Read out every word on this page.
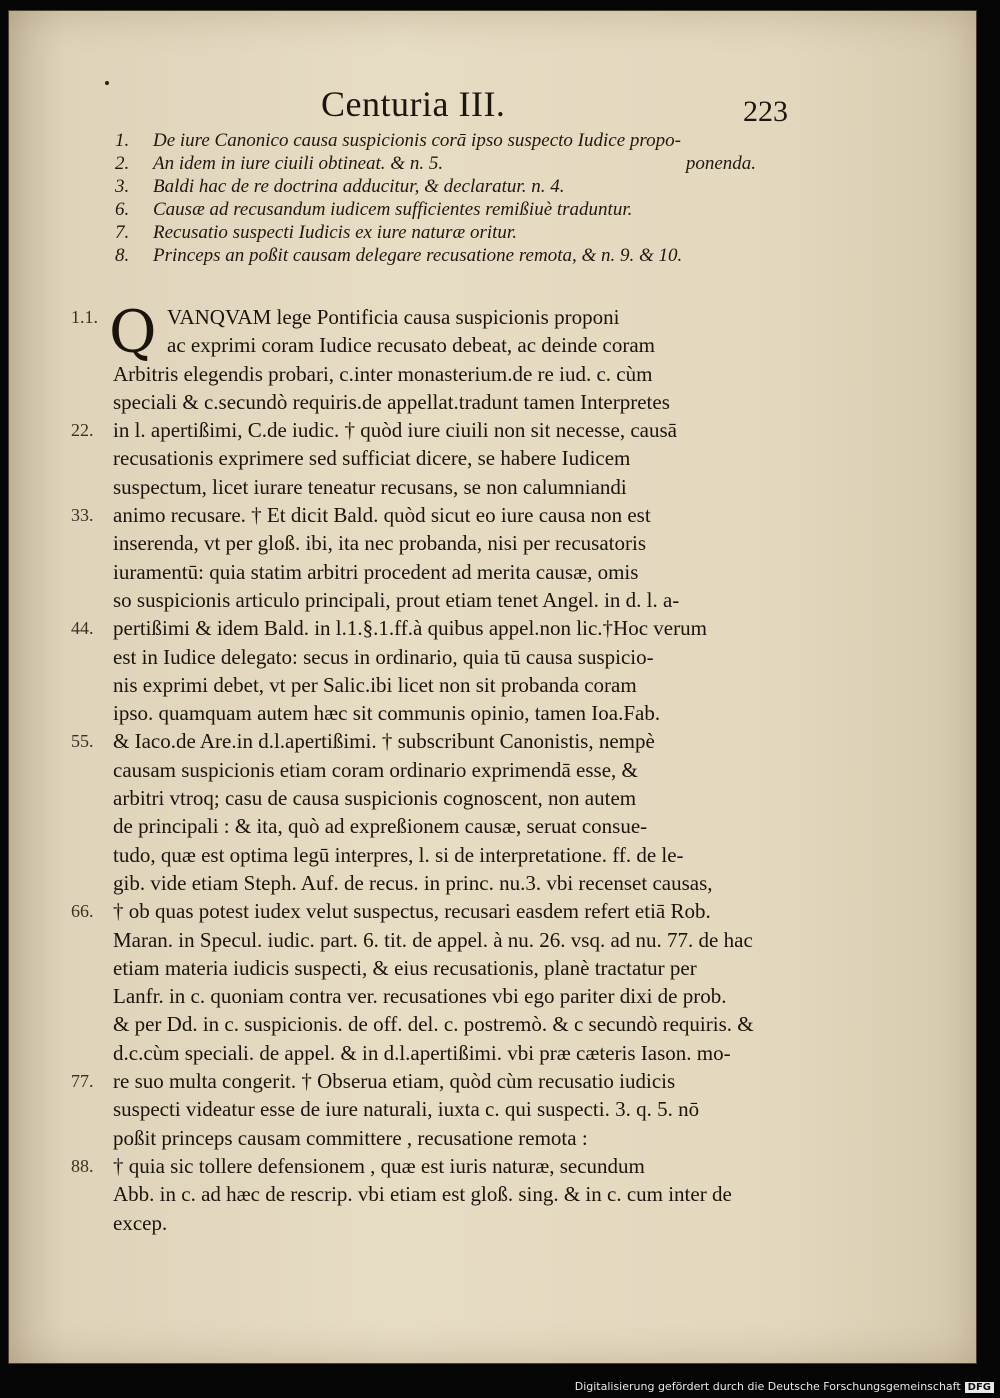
Centuria III.	223
1. De iure Canonico causa suspicionis corā ipso suspecto Iudice propo-
ponenda.
2. An idem in iure ciuili obtineat. & n. 5.
3. Baldi hac de re doctrina adducitur, & declaratur. n. 4.
6. Causæ ad recusandum iudicem sufficientes remißiuè traduntur.
7. Recusatio suspecti Iudicis ex iure naturæ oritur.
8. Princeps an poßit causam delegare recusatione remota, & n. 9. & 10.
Q
1.1.	VANQVAM lege Pontificia causa suspicionis proponi
ac exprimi coram Iudice recusato debeat, ac deinde coram
Arbitris elegendis probari, c.inter monasterium.de re iud. c. cùm
speciali & c.secundò requiris.de appellat.tradunt tamen Interpretes
22. in l. apertißimi, C.de iudic. † quòd iure ciuili non sit necesse, causā
recusationis exprimere sed sufficiat dicere, se habere Iudicem
suspectum, licet iurare teneatur recusans, se non calumniandi
33. animo recusare. † Et dicit Bald. quòd sicut eo iure causa non est
inserenda, vt per gloß. ibi, ita nec probanda, nisi per recusatoris
iuramentū: quia statim arbitri procedent ad merita causæ, omis
so suspicionis articulo principali, prout etiam tenet Angel. in d. l. a-
44. pertißimi & idem Bald. in l.1.§.1.ff.à quibus appel.non lic.†Hoc verum
est in Iudice delegato: secus in ordinario, quia tū causa suspicio-
nis exprimi debet, vt per Salic.ibi licet non sit probanda coram
ipso. quamquam autem hæc sit communis opinio, tamen Ioa.Fab.
55. & Iaco.de Are.in d.l.apertißimi. † subscribunt Canonistis, nempè
causam suspicionis etiam coram ordinario exprimendā esse, &
arbitri vtroq; casu de causa suspicionis cognoscent, non autem
de principali : & ita, quò ad expreßionem causæ, seruat consue-
tudo, quæ est optima legū interpres, l. si de interpretatione. ff. de le-
gib. vide etiam Steph. Auf. de recus. in princ. nu.3. vbi recenset causas,
66. † ob quas potest iudex velut suspectus, recusari easdem refert etiā Rob.
Maran. in Specul. iudic. part. 6. tit. de appel. à nu. 26. vsq. ad nu. 77. de hac
etiam materia iudicis suspecti, & eius recusationis, planè tractatur per
Lanfr. in c. quoniam contra ver. recusationes vbi ego pariter dixi de prob.
& per Dd. in c. suspicionis. de off. del. c. postremò. & c secundò requiris. &
d.c.cùm speciali. de appel. & in d.l.apertißimi. vbi præ cæteris Iason. mo-
77. re suo multa congerit. † Obserua etiam, quòd cùm recusatio iudicis
suspecti videatur esse de iure naturali, iuxta c. qui suspecti. 3. q. 5. nō
poßit princeps causam committere , recusatione remota :
88. † quia sic tollere defensionem , quæ est iuris naturæ, secundum
Abb. in c. ad hæc de rescrip. vbi etiam est gloß. sing. & in c. cum inter de
excep.
Digitalisierung gefördert durch die Deutsche Forschungsgemeinschaft DFG
